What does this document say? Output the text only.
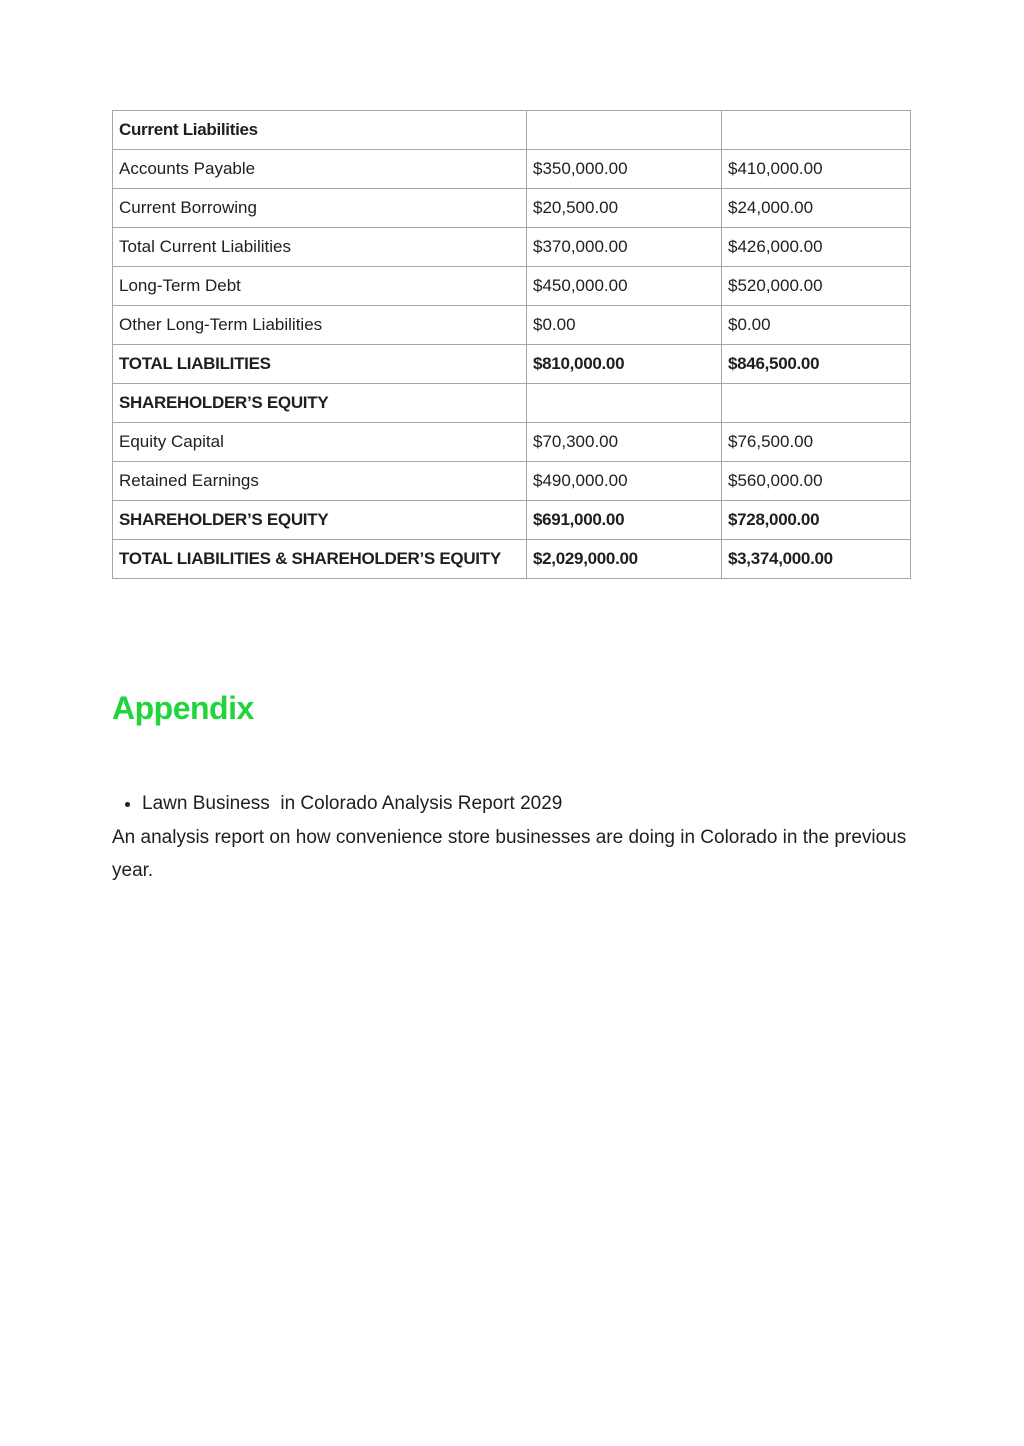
Current Liabilities		
Accounts Payable	$350,000.00	$410,000.00
Current Borrowing	$20,500.00	$24,000.00
Total Current Liabilities	$370,000.00	$426,000.00
Long-Term Debt	$450,000.00	$520,000.00
Other Long-Term Liabilities	$0.00	$0.00
TOTAL LIABILITIES	$810,000.00	$846,500.00
SHAREHOLDER’S EQUITY		
Equity Capital	$70,300.00	$76,500.00
Retained Earnings	$490,000.00	$560,000.00
SHAREHOLDER’S EQUITY	$691,000.00	$728,000.00
TOTAL LIABILITIES & SHAREHOLDER’S EQUITY	$2,029,000.00	$3,374,000.00
Appendix
• Lawn Business  in Colorado Analysis Report 2029

An analysis report on how convenience store businesses are doing in Colorado in the previous year.
